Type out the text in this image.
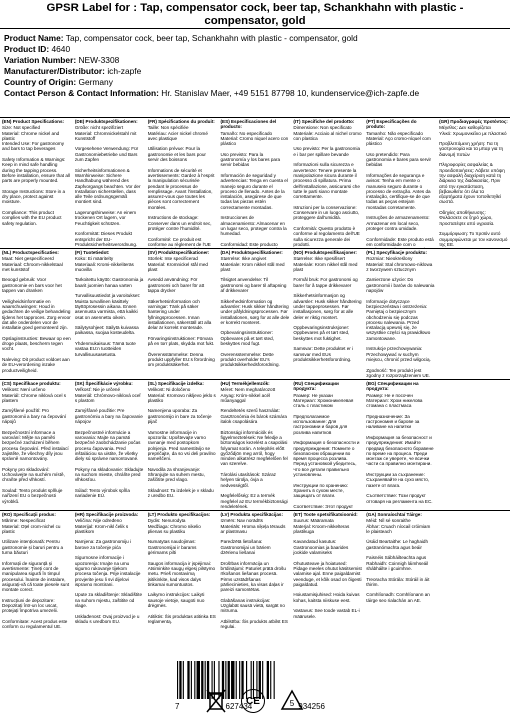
GPSR Label for : Tap, compensator cock, beer tap, Schankhahn with plastic - compensator, gold
Product Name: Tap, compensator cock, beer tap, Schankhahn with plastic - compensator, gold
Product ID: 4640
Variation Number: NEW-3308
Manufacturer/Distributor: ich-zapfe
Country of Origin: Germany
Contact Person & Contact Information: Hr. Stanislav Maer, +49 5151 87798 10, kundenservice@ich-zapfe.de
(EN) Product Specifications:
Size: Not specified
Material: Chrome nickel and plastic
Intended Use: For gastronomy and bars to tap beverages

Safety Information & Warnings: Keep in mind safe handling during the tapping process. Before installation, ensure that all parts are properly mounted.

Storage Instructions: Store in a dry place, protect against moisture.

Compliance: This product complies with the EU product safety regulation.
(DE) Produktspezifikationen:
Größe: nicht spezifiziert
Material: Chromnickelstahl mit Kunststoff

Vorgesehene Verwendung: Für Gastronomiebetriebe und Bars zum Zapfen

Sicherheitsinformationen & Warnhinweise: Sichere Handhabung während des Zapfvorgangs beachten. Vor der Installation sicherstellen, dass alle Teile ordnungsgemäß montiert sind.

Lagerungshinweise: An einem trockenen Ort lagern, vor Feuchtigkeit schützen.

Konformität: Dieses Produkt entspricht der EU-Produktsicherheitsverordnung.
(FR) Spécifications du produit:
Taille: Non spécifiée
Matériau: Acier nickel chromé avec plastique

Utilisation prévue: Pour la gastronomie et les bars pour servir des boissons

Informations de sécurité et avertissements: Gardez à l'esprit la manipulation sécurisée pendant le processus de remplissage. Avant l'installation, assurez-vous que toutes les pièces sont correctement montées.

Instructions de stockage: Conserver dans un endroit sec, protéger contre l'humidité.

Conformité: Ce produit est conforme au règlement de l'UE
(ES) Especificaciones del producto:
Tamaño: No especificado
Material: Cromo niquel acero con plástico

Uso previsto: Para la gastronomía y los bares para servir bebidas

Información de seguridad y advertencias: Tenga en cuenta el manejo seguro durante el proceso de llenado. Antes de la instalación, asegúrese de que todas las piezas estén correctamente montadas.

Instrucciones de almacenamiento: Almacenar en un lugar seco, proteger contra la humedad.

Conformidad: Este producto
(IT) Specifiche del prodotto:
Dimensione: Non specificato
Materiale: Acciaio al nichel cromo con plastica

Uso previsto: Per la gastronomia e i bar per spillare bevande

Informazioni sulla sicurezza e avvertenze: Tenere presente la manipolazione sicura durante il processo di spillatura. Prima dell'installazione, assicurarsi che tutte le parti siano montate correttamente.

Istruzioni per la conservazione: Conservare in un luogo asciutto, proteggere dall'umidità.

Conformità: Questo prodotto è conforme al regolamento dell'UE sulla sicurezza generale dei prodotti.
(PT) Especificações do produto:
Tamanho: Não especificado
Material: Aço cromo-níquel com plástico

Uso pretendido: Para gastronomia e bares para servir bebidas

Informações de segurança e avisos: Tenha em mente o manuseio seguro durante o processo de extração. Antes da instalação, certifique-se de que todas as peças estejam montadas corretamente.

Instruções de armazenamento: Armazenar em local seco, proteger contra umidade.

Conformidade: Este produto está em conformidade com o
(GR) Προδιαγραφές προϊόντος:
Μέγεθος: Δεν καθορίζεται
Υλικό: Χρωμονικέλιο με πλαστικό

Προβλεπόμενη χρήση: Για τη γαστρονομία και τα μπαρ για τη διανομή ποτών

Πληροφορίες ασφαλείας & προειδοποιήσεις: Λάβετε υπόψη την ασφαλή διαχείριση κατά τη διάρκεια της διαδικασίας. Πριν από την εγκατάσταση, βεβαιωθείτε ότι όλα τα εξαρτήματα έχουν τοποθετηθεί σωστά.

Οδηγίες αποθήκευσης: Φυλάσσετε σε ξηρό χώρο, προστατέψτε από υγρασία.

Συμμόρφωση: Το προϊόν αυτό συμμορφώνεται με τον κανονισμό της ΕΕ.
(NL) Productspecificaties:
Maat: Niet gespecificeerd
Materiaal: Chroom-nikkelstaal met kunststof

Beoogd gebruik: Voor gastronomie en bars voor het tappen van dranken

Veiligheidsinformatie en waarschuwingen: Houd in gedachten de veilige behandeling tijdens het tapproces. Zorg ervoor dat alle onderdelen voor de installatie goed gemonteerd zijn.

Opslaginstructies: Bewaar op een droge plaats, bescherm tegen vocht.

Naleving: Dit product voldoet aan de EU-verordening inzake productveiligheid.
(FI) Tuotetiedot:
Koko: Ei määritelty
Materiaali: Kromi-nikkeliteräs muovilla

Tarkoitettu käyttö: Gastronomia ja baarit juomien hanaa varten

Turvallisuustiedot ja varoitukset: Muista turvallinen käsittely täyttöprosessin aikana. Ennen asennusta varmista, että kaikki osat on asennettu oikein.

Säilytysohjeet: Säilytä kuivassa paikassa, suojaa kosteudelta.

Yhdenmukaisuus: Tämä tuote vastaa EU:n tuotteiden turvallisuusasetusta.
(SV) Produktspecifikationer:
Storlek: Inte specificerad
Material: Kromnickel stål med plast

Avsedd användning: För gastronomi och barer för att tappa drycker

Säkerhetsinformation och varningar: Tänk på säker hantering under fyllningsprocessen. Innan installationen, säkerställ att alla delar är korrekt monterade.

Förvaringsinstruktioner: Förvara på en torr plats, skydda mot fukt.

Överensstämmelse: Denna produkt uppfyller EU:s förordning om produktsäkerhet.
(DA) Produktspecifikationer:
Størrelse: Ikke angivet
Materiale: Krom nikkel stål med plast

Tilsigtet anvendelse: Til gastronomi og barer til aftapning af drikkevarer

Sikkerhedsinformation og advarsler: Husk sikker håndtering under påfyldningsprocessen. Før installationen, sørg for at alle dele er korrekt monteret.

Opbevaringsinstruktioner: Opbevares på et tørt sted, beskyttes mod fugt.

Overensstemmelse: Dette produkt overholder EU's produktsikkerhedsforordning.
(NO) Produktspesifikasjoner:
Størrelse: Ikke spesifisert
Materiale: Krom nikkel stål med plast

Formål bruk: For gastronomi og barer for å tappe drikkevarer

Sikkerhetsinformasjon og advarsler: Husk sikker håndtering under tappeprosessen. Før installasjonen, sørg for at alle deler er riktig montert.

Oppbevaringsinstruksjoner: Oppbevares på et tørt sted, beskyttes mot fuktighet.

Samsvar: Dette produktet er i samsvar med EUs produktsikkerhetsforordning.
(PL) Specyfikacje produktu:
Rozmiar: Nieokreślony
Materiał: Stal chromowo-niklowa z tworzywem sztucznym

Zamierzone użycie: Do gastronomii i barów do nalewania napojów

Informacje dotyczące bezpieczeństwa i ostrzeżenia: Pamiętaj o bezpiecznym obchodzeniu się podczas procesu nalewania. Przed instalacją upewnij się, że wszystkie części są prawidłowo zamontowane.

Instrukcje przechowywania: Przechowywać w suchym miejscu, chronić przed wilgocią.

Zgodność: Ten produkt jest zgodny z rozporządzeniem UE.
(CS) Specifikace produktu:
Velikost: Není určeno
Materiál: Chrome niklová ocel s plastem

Zamýšlené použití: Pro gastronomii a bary na čepování nápojů

Bezpečnostní informace a varování: Mějte na paměti bezpečné zacházení během procesu čepování. Před instalací zajistěte, že všechny díly jsou správně namontovány.

Pokyny pro skladování: Uchovávejte na suchém místě, chraňte před vlhkostí.

Soulad: Tento produkt splňuje nařízení EU o bezpečnosti výrobků.
(SK) Špecifikácie výrobku:
Veľkosť: Nie je určené
Materiál: Chrómovo-niklová oceľ s plastom

Zamýšľané použitie: Pre gastronómiu a bary na čapovanie nápojov

Bezpečnostné informácie a varovania: Majte na pamäti bezpečné zaobchádzanie počas procesu čapovania. Pred inštaláciou sa uistite, že všetky diely sú správne namontované.

Pokyny na skladovanie: Skladujte na suchom mieste, chráňte pred vlhkosťou.

Súlad: Tento výrobok spĺňa nariadenie EÚ.
(SL) Specifikacije izdelka:
Velikost: Ni določeno
Material: Kromovo nikljevo jeklo s plastiko

Namenjena uporaba: Za gastronomijo in bare za točenje pijač

Varnostne informacije in opozorila: Upoštevajte varno ravnanje med postopkom polnjenja. Pred namestitvijo se prepričajte, da so vsi deli pravilno nameščeni.

Navodila za shranjevanje: Shranjujte na suhem mestu, zaščitite pred vlago.

Skladnost: Ta izdelek je v skladu z uredbo EU.
(HU) Termékjellemzők:
Méret: Nem meghatározott
Anyag: Króm-nikkel acél műanyaggal

Rendeltetés szerű használat: Gasztronómia és bárok számára italok csapolására

Biztonsági információk és figyelmeztetések: Ne feledje a biztonságos kezelést a csapolási folyamat során. A telepítés előtt győződjön meg arról, hogy minden alkatrész megfelelően fel van szerelve.

Tárolási utasítások: Száraz helyen tárolja, óvja a nedvességtől.

Megfelelőség: Ez a termék megfelel az EU termékbiztonsági rendeletének.
(RU) Спецификации продукта:
Размер: Не указан
Материал: Хромоникелевая сталь с пластиком

Предполагаемое использование: Для гастрономии и баров для розлива напитков

Информация о безопасности и предупреждения: Помните о безопасном обращении во время процесса розлива. Перед установкой убедитесь, что все детали правильно установлены.

Инструкции по хранению: Хранить в сухом месте, защищать от влаги.

Соответствие: Этот продукт
(BG) Спецификации на продукта:
Размер: Не е посочен
Материал: Хром никелова стомана с пластмаса

Предназначение: За гастрономия и барове за наливане на напитки

Информация за безопасност и предупреждения: Имайте предвид безопасното боравене по време на процеса. Преди монтаж се уверете, че всички части са правилно монтирани.

Инструкции за съхранение: Съхранявайте на сухо място, пазете от влага.

Съответствие: Този продукт отговаря на регламента на ЕС.
(RO) Specificații produs:
Mărime: Nespecificat
Material: Oțel crom-nichel cu plastic

Utilizare intenționată: Pentru gastronomie și baruri pentru a turna băuturi

Informații de siguranță și avertismente: Țineți cont de manipularea sigură în timpul procesului. Înainte de instalare, asigurați-vă că toate piesele sunt montate corect.

Instrucțiuni de depozitare: Depozitați într-un loc uscat, protejați împotriva umezelii.

Conformitate: Acest produs este conform cu regulamentul UE.
(HR) Specifikacije proizvoda:
Veličina: Nije određeno
Materijal: Krom-nikl čelik s plastikom

Namjena: Za gastronomiju i barove za točenje pića

Sigurnosne informacije i upozorenja: Imajte na umu sigurno rukovanje tijekom procesa točenja. Prije instalacije provjerite jesu li svi dijelovi ispravno montirani.

Upute za skladištenje: Skladištite na suhom mjestu, zaštitite od vlage.

Usklađenost: Ovaj proizvod je u skladu s uredbom EU.
(LT) Produkto specifikacijos:
Dydis: Nenurodyta
Medžiaga: Chromo nikelio plienas su plastiku

Numatytas naudojimas: Gastronomijai ir barams gėrimams pilti

Saugos informacija ir įspėjimai: Atsiminkite saugų elgesį pilstymo metu. Prieš montavimą įsitikinkite, kad visos dalys tinkamai sumontuotos.

Laikymo instrukcijos: Laikyti sausoje vietoje, saugoti nuo drėgmės.

Atitiktis: Šis produktas atitinka ES reglamentą.
(LV) Produkta specifikācijas:
Izmērs: Nav norādīts
Materiāls: Hroma niķeļa tērauds ar plastmasu

Paredzētā lietošana: Gastronomijai un bāriem dzērienu liešanai

Drošības informācija un brīdinājumi: Paturiet prātā drošu rīkošanos liešanas procesā. Pirms uzstādīšanas pārliecinieties, ka visas daļas ir pareizi samontētas.

Glabāšanas instrukcijas: Uzglabāt sausā vietā, sargāt no mitruma.

Atbilstība: Šis produkts atbilst ES regulai.
(ET) Toote spetsifikatsioonid:
Suurus: Määramata
Materjal: Kroom-nikkelteras plastikuga

Kavandatud kasutus: Gastronoomias ja baarides jookide valamiseks

Ohutusteave ja hoiatused: Pidage meeles ohutut käsitsemist valamise ajal. Enne paigaldamist veenduge, et kõik osad on õigesti paigaldatud.

Hoiustamisjuhised: Hoida kuivas kohas, kaitsta niiskuse eest.

Vastavus: See toode vastab EL-i määrusele.
(GA) Sonraíochtaí Táirge:
Méid: Níl sé sonraithe
Ábhar: Cruach níocail cróimiam le plaisteach

Úsáid Beartaithe: Le haghaidh gastranómachta agus beáir

Faisnéis Sábháilteachta agus Rabhaidh: Coinnigh láimhseáil shábháilte i gcuimhne.

Treoracha Stórála: Stóráil in áit thirim.

Comhlíonadh: Comhlíonann an táirge seo rialachán an AE.
7	627434	934256
CE	5
